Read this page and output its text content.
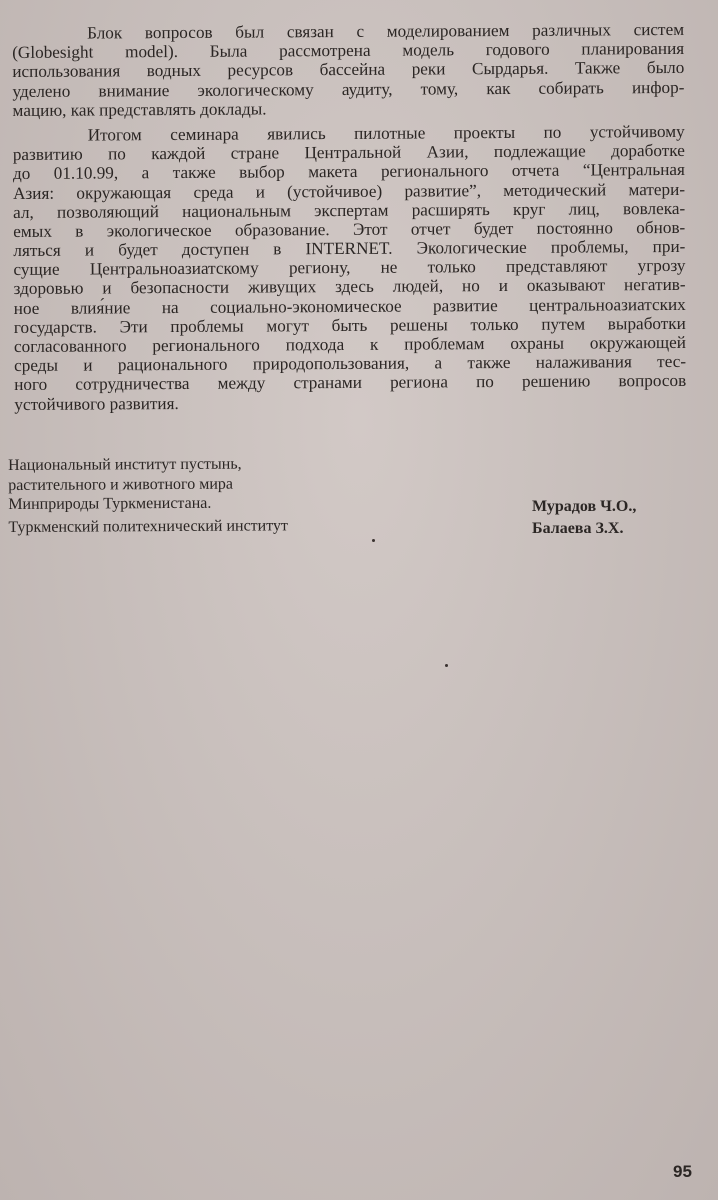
Блок вопросов был связан с моделированием различных систем
(Globesight model). Была рассмотрена модель годового планирования
использования водных ресурсов бассейна реки Сырдарья. Также было
уделено внимание экологическому аудиту, тому, как собирать инфор-
мацию, как представлять доклады.
Итогом семинара явились пилотные проекты по устойчивому
развитию по каждой стране Центральной Азии, подлежащие доработке
до 01.10.99, а также выбор макета регионального отчета “Центральная
Азия: окружающая среда и (устойчивое) развитие”, методический матери-
ал, позволяющий национальным экспертам расширять круг лиц, вовлека-
емых в экологическое образование. Этот отчет будет постоянно обнов-
ляться и будет доступен в INTERNET. Экологические проблемы, при-
сущие Центральноазиатскому региону, не только представляют угрозу
здоровью и безопасности живущих здесь людей, но и оказывают негатив-
ное влия́ние на социально-экономическое развитие центральноазиатских
государств. Эти проблемы могут быть решены только путем выработки
согласованного регионального подхода к проблемам охраны окружающей
среды и рационального природопользования, а также налаживания тес-
ного сотрудничества между странами региона по решению вопросов
устойчивого развития.
Национальный институт пустынь,
растительного и животного мира
Минприроды Туркменистана.
Туркменский политехнический институт
Мурадов Ч.О.,
Балаева З.Х.
95
